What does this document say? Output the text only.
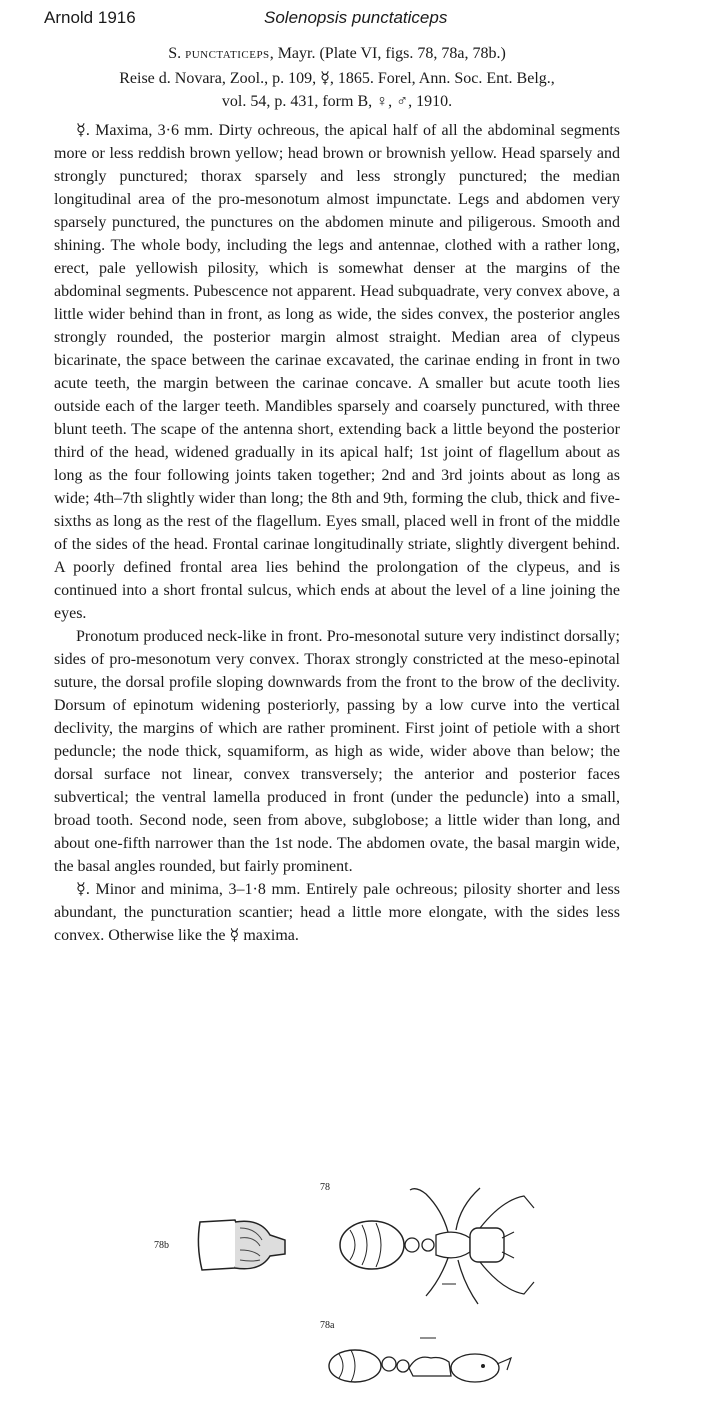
Arnold 1916	Solenopsis punctaticeps

S. punctaticeps, Mayr. (Plate VI, figs. 78, 78a, 78b.)

Reise d. Novara, Zool., p. 109, ☿, 1865. Forel, Ann. Soc. Ent. Belg.,
vol. 54, p. 431, form B, ♀, ♂, 1910.

☿. Maxima, 3·6 mm. Dirty ochreous, the apical half of all the abdominal segments more or less reddish brown yellow; head brown or brownish yellow. Head sparsely and strongly punctured; thorax sparsely and less strongly punctured; the median longitudinal area of the pro-mesonotum almost impunctate. Legs and abdomen very sparsely punctured, the punctures on the abdomen minute and piligerous. Smooth and shining. The whole body, including the legs and antennae, clothed with a rather long, erect, pale yellowish pilosity, which is somewhat denser at the margins of the abdominal segments. Pubescence not apparent. Head subquadrate, very convex above, a little wider behind than in front, as long as wide, the sides convex, the posterior angles strongly rounded, the posterior margin almost straight. Median area of clypeus bicarinate, the space between the carinae excavated, the carinae ending in front in two acute teeth, the margin between the carinae concave. A smaller but acute tooth lies outside each of the larger teeth. Mandibles sparsely and coarsely punctured, with three blunt teeth. The scape of the antenna short, extending back a little beyond the posterior third of the head, widened gradually in its apical half; 1st joint of flagellum about as long as the four following joints taken together; 2nd and 3rd joints about as long as wide; 4th–7th slightly wider than long; the 8th and 9th, forming the club, thick and five-sixths as long as the rest of the flagellum. Eyes small, placed well in front of the middle of the sides of the head. Frontal carinae longitudinally striate, slightly divergent behind. A poorly defined frontal area lies behind the prolongation of the clypeus, and is continued into a short frontal sulcus, which ends at about the level of a line joining the eyes.

Pronotum produced neck-like in front. Pro-mesonotal suture very indistinct dorsally; sides of pro-mesonotum very convex. Thorax strongly constricted at the meso-epinotal suture, the dorsal profile sloping downwards from the front to the brow of the declivity. Dorsum of epinotum widening posteriorly, passing by a low curve into the vertical declivity, the margins of which are rather prominent. First joint of petiole with a short peduncle; the node thick, squamiform, as high as wide, wider above than below; the dorsal surface not linear, convex transversely; the anterior and posterior faces subvertical; the ventral lamella produced in front (under the peduncle) into a small, broad tooth. Second node, seen from above, subglobose; a little wider than long, and about one-fifth narrower than the 1st node. The abdomen ovate, the basal margin wide, the basal angles rounded, but fairly prominent.

☿. Minor and minima, 3–1·8 mm. Entirely pale ochreous; pilosity shorter and less abundant, the puncturation scantier; head a little more elongate, with the sides less convex. Otherwise like the ☿ maxima.

78b
78
78a
